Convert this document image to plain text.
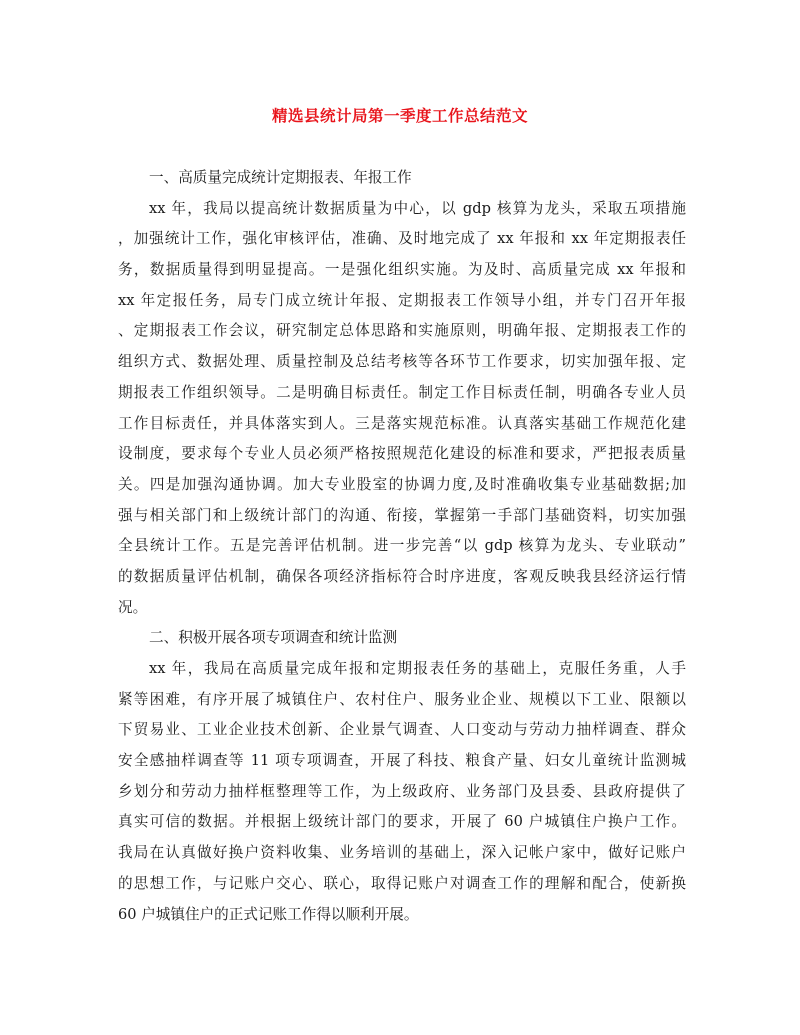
精选县统计局第一季度工作总结范文
一、高质量完成统计定期报表、年报工作
xx 年，我局以提高统计数据质量为中心，以 gdp 核算为龙头，采取五项措施
，加强统计工作，强化审核评估，准确、及时地完成了 xx 年报和 xx 年定期报表任
务，数据质量得到明显提高。一是强化组织实施。为及时、高质量完成 xx 年报和
xx 年定报任务，局专门成立统计年报、定期报表工作领导小组，并专门召开年报
、定期报表工作会议，研究制定总体思路和实施原则，明确年报、定期报表工作的
组织方式、数据处理、质量控制及总结考核等各环节工作要求，切实加强年报、定
期报表工作组织领导。二是明确目标责任。制定工作目标责任制，明确各专业人员
工作目标责任，并具体落实到人。三是落实规范标准。认真落实基础工作规范化建
设制度，要求每个专业人员必须严格按照规范化建设的标准和要求，严把报表质量
关。四是加强沟通协调。加大专业股室的协调力度,及时准确收集专业基础数据;加
强与相关部门和上级统计部门的沟通、衔接，掌握第一手部门基础资料，切实加强
全县统计工作。五是完善评估机制。进一步完善“以 gdp 核算为龙头、专业联动”
的数据质量评估机制，确保各项经济指标符合时序进度，客观反映我县经济运行情
况。
二、积极开展各项专项调查和统计监测
xx 年，我局在高质量完成年报和定期报表任务的基础上，克服任务重，人手
紧等困难，有序开展了城镇住户、农村住户、服务业企业、规模以下工业、限额以
下贸易业、工业企业技术创新、企业景气调查、人口变动与劳动力抽样调查、群众
安全感抽样调查等 11 项专项调查，开展了科技、粮食产量、妇女儿童统计监测城
乡划分和劳动力抽样框整理等工作，为上级政府、业务部门及县委、县政府提供了
真实可信的数据。并根据上级统计部门的要求，开展了 60 户城镇住户换户工作。
我局在认真做好换户资料收集、业务培训的基础上，深入记帐户家中，做好记账户
的思想工作，与记账户交心、联心，取得记账户对调查工作的理解和配合，使新换
60 户城镇住户的正式记账工作得以顺利开展。
